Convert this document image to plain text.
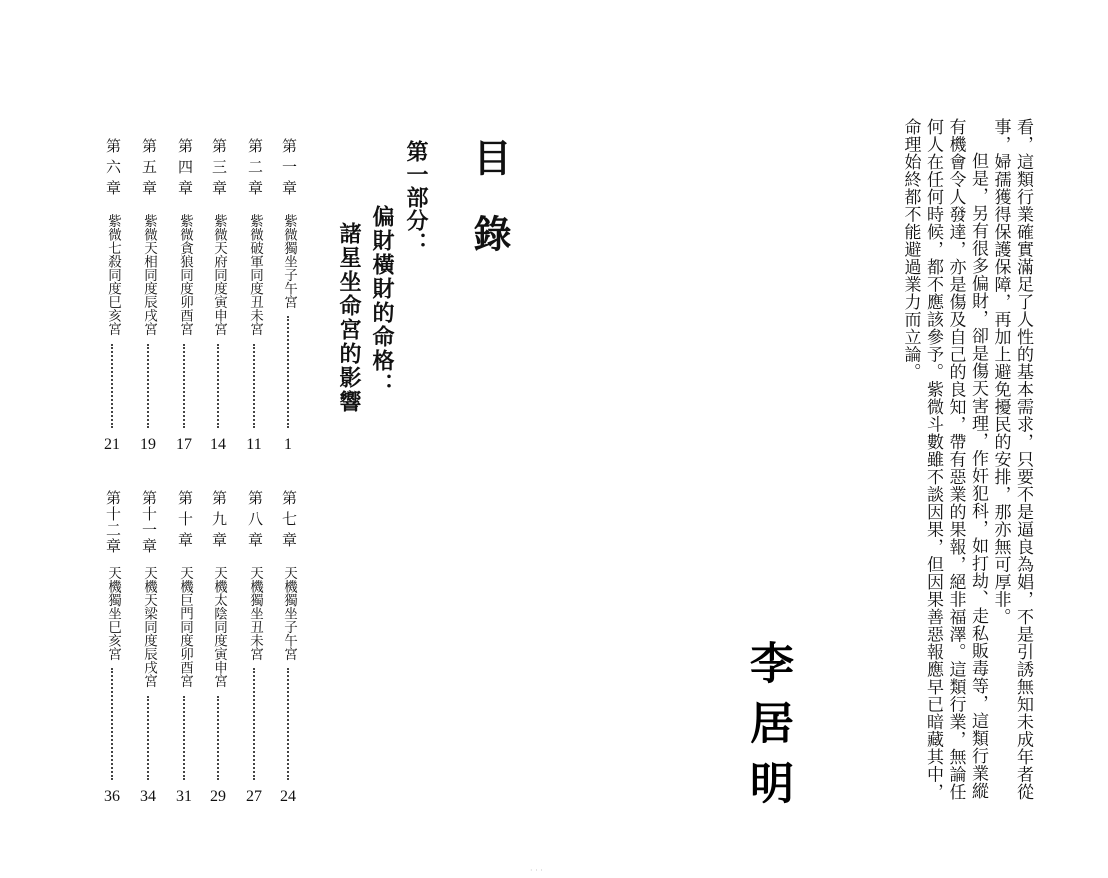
看，這類行業確實滿足了人性的基本需求，只要不是逼良為娼，不是引誘無知未成年者從事，婦孺獲得保護保障，再加上避免擾民的安排，那亦無可厚非。

但是，另有很多偏財，卻是傷天害理，作奸犯科，如打劫、走私販毒等，這類行業縱有機會令人發達，亦是傷及自己的良知，帶有惡業的果報，絕非福澤。這類行業，無論任何人在任何時候，都不應該參予。紫微斗數雖不談因果，但因果善惡報應早已暗藏其中，命理始終都不能避過業力而立論。

李居明
目錄
第一部分：
偏財橫財的命格：
諸星坐命宮的影響
第一章
紫微獨坐子午宮
1
第二章
紫微破軍同度丑未宮
11
第三章
紫微天府同度寅申宮
14
第四章
紫微貪狼同度卯酉宮
17
第五章
紫微天相同度辰戌宮
19
第六章
紫微七殺同度巳亥宮
21
第七章
天機獨坐子午宮
24
第八章
天機獨坐丑未宮
27
第九章
天機太陰同度寅申宮
29
第十章
天機巨門同度卯酉宮
31
第十一章
天機天梁同度辰戌宮
34
第十二章
天機獨坐巳亥宮
36
· · ·
